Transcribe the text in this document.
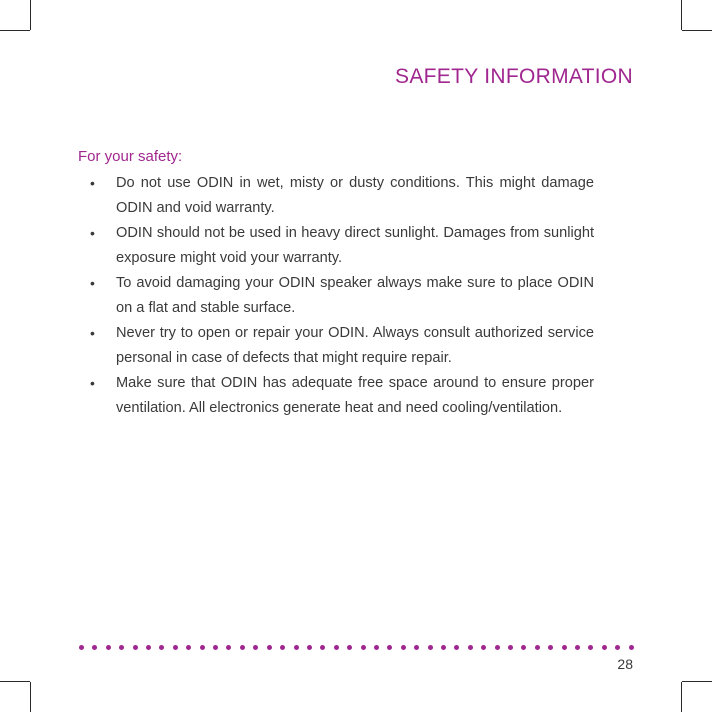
SAFETY INFORMATION
For your safety:
• Do not use ODIN in wet, misty or dusty conditions. This might damage ODIN and void warranty.
• ODIN should not be used in heavy direct sunlight. Damages from sunlight exposure might void your warranty.
• To avoid damaging your ODIN speaker always make sure to place ODIN on a flat and stable surface.
• Never try to open or repair your ODIN. Always consult authorized service personal in case of defects that might require repair.
• Make sure that ODIN has adequate free space around to ensure proper ventilation. All electronics generate heat and need cooling/ventilation.
28
